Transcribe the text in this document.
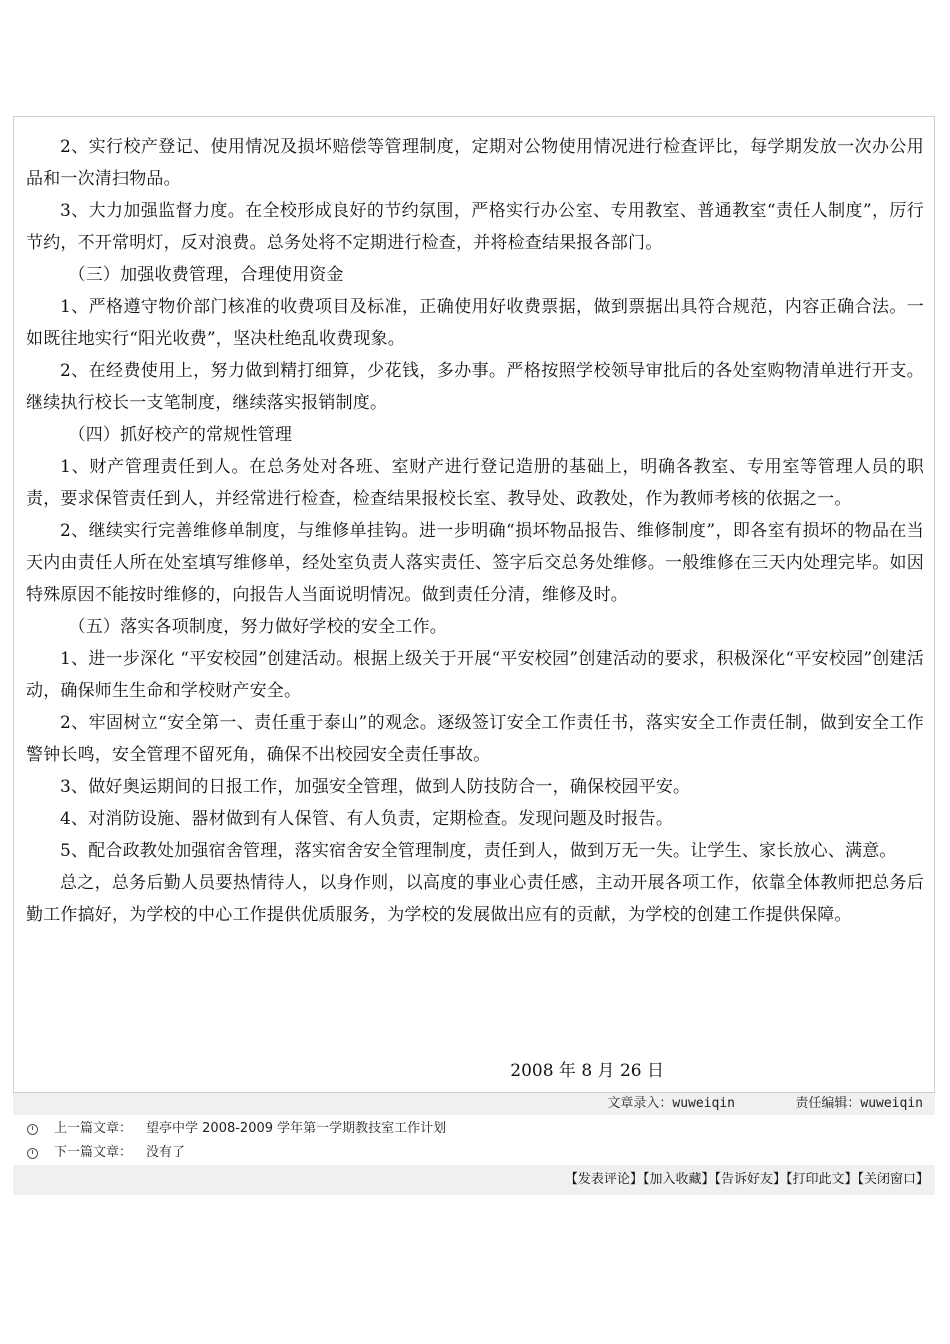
2、实行校产登记、使用情况及损坏赔偿等管理制度，定期对公物使用情况进行检查评比，每学期发放一次办公用品和一次清扫物品。

3、大力加强监督力度。在全校形成良好的节约氛围，严格实行办公室、专用教室、普通教室“责任人制度”，厉行节约，不开常明灯，反对浪费。总务处将不定期进行检查，并将检查结果报各部门。

（三）加强收费管理，合理使用资金

1、严格遵守物价部门核准的收费项目及标准，正确使用好收费票据，做到票据出具符合规范，内容正确合法。一如既往地实行“阳光收费”，坚决杜绝乱收费现象。

2、在经费使用上，努力做到精打细算，少花钱，多办事。严格按照学校领导审批后的各处室购物清单进行开支。继续执行校长一支笔制度，继续落实报销制度。

（四）抓好校产的常规性管理

1、财产管理责任到人。在总务处对各班、室财产进行登记造册的基础上，明确各教室、专用室等管理人员的职责，要求保管责任到人，并经常进行检查，检查结果报校长室、教导处、政教处，作为教师考核的依据之一。

2、继续实行完善维修单制度，与维修单挂钩。进一步明确“损坏物品报告、维修制度”，即各室有损坏的物品在当天内由责任人所在处室填写维修单，经处室负责人落实责任、签字后交总务处维修。一般维修在三天内处理完毕。如因特殊原因不能按时维修的，向报告人当面说明情况。做到责任分清，维修及时。

（五）落实各项制度，努力做好学校的安全工作。

1、进一步深化 “平安校园”创建活动。根据上级关于开展“平安校园”创建活动的要求，积极深化“平安校园”创建活动，确保师生生命和学校财产安全。

2、牢固树立“安全第一、责任重于泰山”的观念。逐级签订安全工作责任书，落实安全工作责任制，做到安全工作警钟长鸣，安全管理不留死角，确保不出校园安全责任事故。

3、做好奥运期间的日报工作，加强安全管理，做到人防技防合一，确保校园平安。

4、对消防设施、器材做到有人保管、有人负责，定期检查。发现问题及时报告。

5、配合政教处加强宿舍管理，落实宿舍安全管理制度，责任到人，做到万无一失。让学生、家长放心、满意。

总之，总务后勤人员要热情待人，以身作则，以高度的事业心责任感，主动开展各项工作，依靠全体教师把总务后勤工作搞好，为学校的中心工作提供优质服务，为学校的发展做出应有的贡献，为学校的创建工作提供保障。

2008 年 8 月 26 日
文章录入：wuweiqin	责任编辑：wuweiqin
上一篇文章： 望亭中学 2008-2009 学年第一学期教技室工作计划
下一篇文章： 没有了
【发表评论】【加入收藏】【告诉好友】【打印此文】【关闭窗口】
